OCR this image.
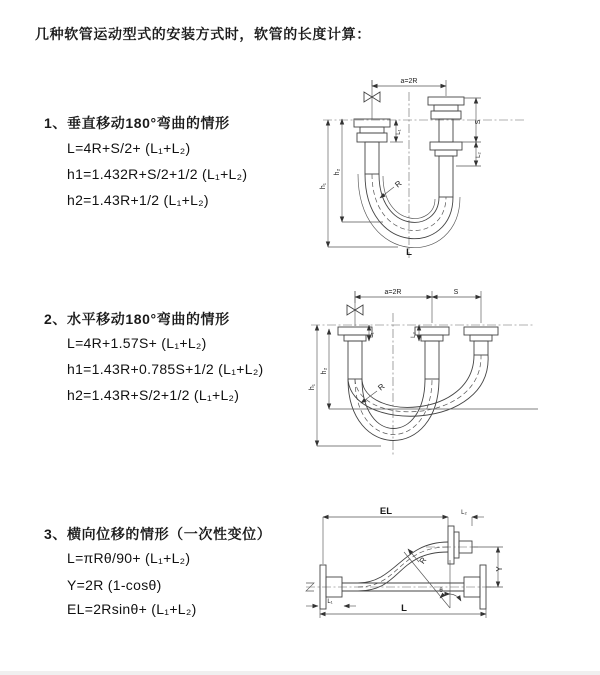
几种软管运动型式的安装方式时，软管的长度计算：
1、垂直移动180°弯曲的情形
L=4R+S/2+ (L₁+L₂)
h1=1.432R+S/2+1/2 (L₁+L₂)
h2=1.43R+1/2 (L₁+L₂)
a=2R
h₁
h₂
L₁
S
L₂
R
L
2、水平移动180°弯曲的情形
L=4R+1.57S+ (L₁+L₂)
h1=1.43R+0.785S+1/2 (L₁+L₂)
h2=1.43R+S/2+1/2 (L₁+L₂)
a=2R	S
h₁
h₂
L₁	L₂
R
3、横向位移的情形（一次性变位）
L=πRθ/90+ (L₁+L₂)
Y=2R (1-cosθ)
EL=2Rsinθ+ (L₁+L₂)
EL	L₂
Y
R
θ
L
L₁
